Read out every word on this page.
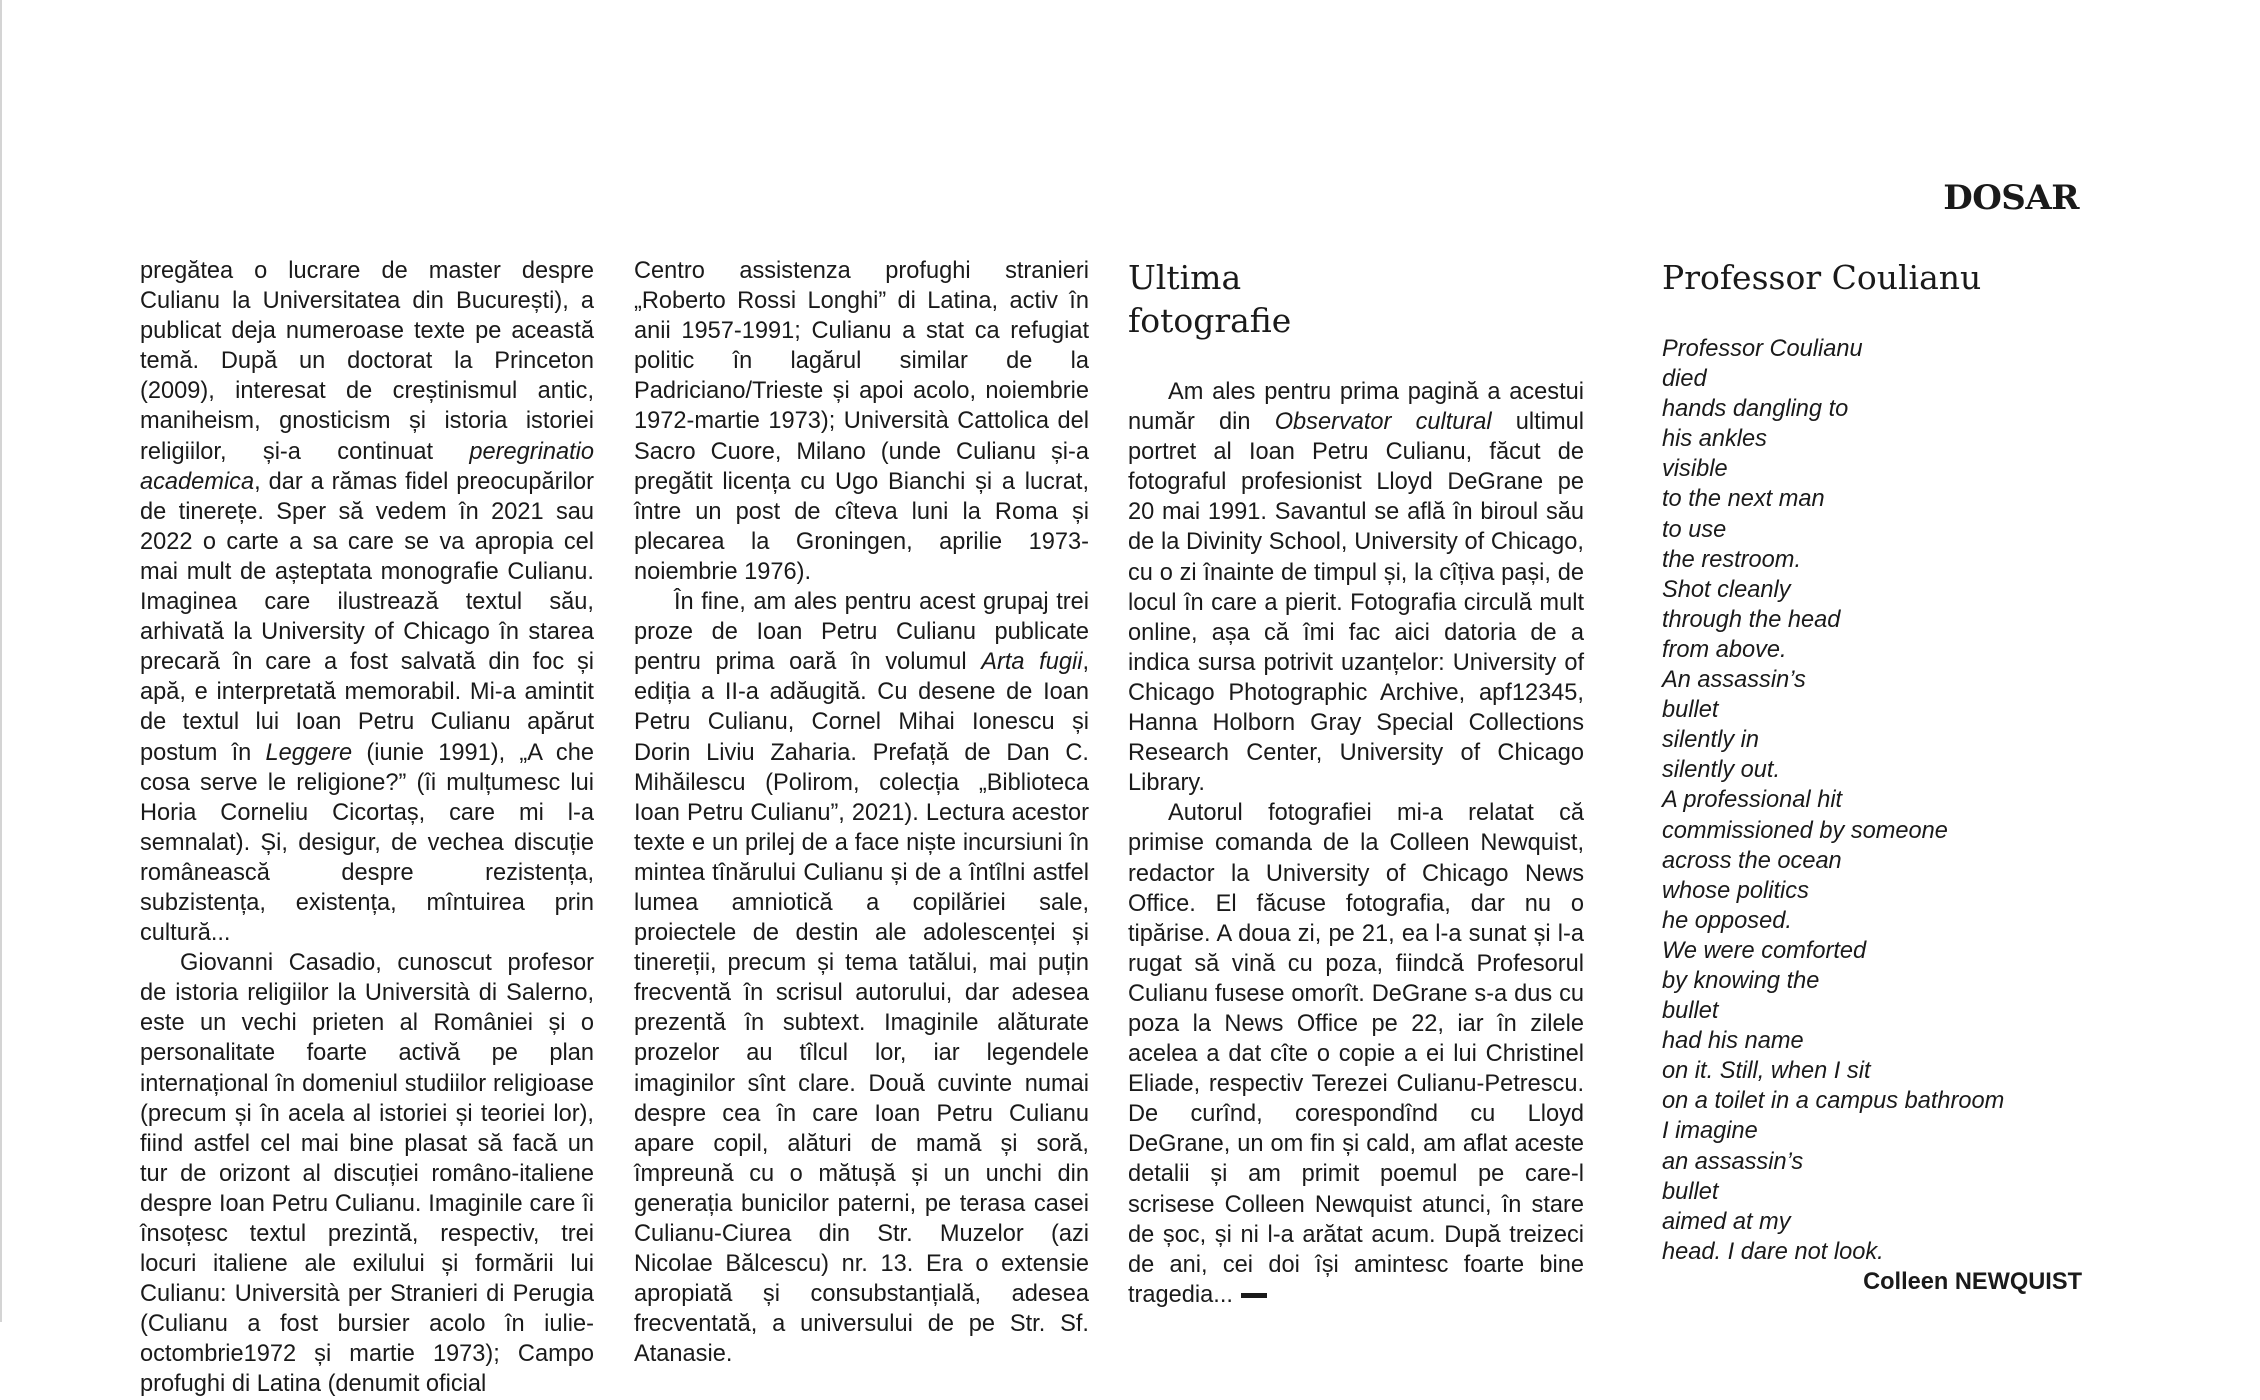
DOSAR

pregătea o lucrare de master despre Culianu la Universitatea din București), a publicat deja numeroase texte pe această temă. După un doctorat la Princeton (2009), interesat de creștinismul antic, maniheism, gnosticism și istoria istoriei religiilor, și-a continuat peregrinatio academica, dar a rămas fidel preocupărilor de tinerețe. Sper să vedem în 2021 sau 2022 o carte a sa care se va apropia cel mai mult de așteptata monografie Culianu. Imaginea care ilustrează textul său, arhivată la University of Chicago în starea precară în care a fost salvată din foc și apă, e interpretată memorabil. Mi-a amintit de textul lui Ioan Petru Culianu apărut postum în Leggere (iunie 1991), „A che cosa serve le religione?” (îi mulțumesc lui Horia Corneliu Cicortaș, care mi l-a semnalat). Și, desigur, de vechea discuție românească despre rezistența, subzistența, existența, mîntuirea prin cultură...

Giovanni Casadio, cunoscut profesor de istoria religiilor la Università di Salerno, este un vechi prieten al României și o personalitate foarte activă pe plan internațional în domeniul studiilor religioase (precum și în acela al istoriei și teoriei lor), fiind astfel cel mai bine plasat să facă un tur de orizont al discuției româno-italiene despre Ioan Petru Culianu. Imaginile care îi însoțesc textul prezintă, respectiv, trei locuri italiene ale exilului și formării lui Culianu: Università per Stranieri di Perugia (Culianu a fost bursier acolo în iulie-octombrie1972 și martie 1973); Campo profughi di Latina (denumit oficial

Centro assistenza profughi stranieri „Roberto Rossi Longhi” di Latina, activ în anii 1957-1991; Culianu a stat ca refugiat politic în lagărul similar de la Padriciano/Trieste și apoi acolo, noiembrie 1972-martie 1973); Università Cattolica del Sacro Cuore, Milano (unde Culianu și-a pregătit licența cu Ugo Bianchi și a lucrat, între un post de cîteva luni la Roma și plecarea la Groningen, aprilie 1973-noiembrie 1976).

În fine, am ales pentru acest grupaj trei proze de Ioan Petru Culianu publicate pentru prima oară în volumul Arta fugii, ediția a II-a adăugită. Cu desene de Ioan Petru Culianu, Cornel Mihai Ionescu și Dorin Liviu Zaharia. Prefață de Dan C. Mihăilescu (Polirom, colecția „Biblioteca Ioan Petru Culianu”, 2021). Lectura acestor texte e un prilej de a face niște incursiuni în mintea tînărului Culianu și de a întîlni astfel lumea amniotică a copilăriei sale, proiectele de destin ale adolescenței și tinereții, precum și tema tatălui, mai puțin frecventă în scrisul autorului, dar adesea prezentă în subtext. Imaginile alăturate prozelor au tîlcul lor, iar legendele imaginilor sînt clare. Două cuvinte numai despre cea în care Ioan Petru Culianu apare copil, alături de mamă și soră, împreună cu o mătușă și un unchi din generația bunicilor paterni, pe terasa casei Culianu-Ciurea din Str. Muzelor (azi Nicolae Bălcescu) nr. 13. Era o extensie apropiată și consubstanțială, adesea frecventată, a universului de pe Str. Sf. Atanasie.

Ultima
fotografie

Am ales pentru prima pagină a acestui număr din Observator cultural ultimul portret al Ioan Petru Culianu, făcut de fotograful profesionist Lloyd DeGrane pe 20 mai 1991. Savantul se află în biroul său de la Divinity School, University of Chicago, cu o zi înainte de timpul și, la cîțiva pași, de locul în care a pierit. Fotografia circulă mult online, așa că îmi fac aici datoria de a indica sursa potrivit uzanțelor: University of Chicago Photographic Archive, apf12345, Hanna Holborn Gray Special Collections Research Center, University of Chicago Library.

Autorul fotografiei mi-a relatat că primise comanda de la Colleen Newquist, redactor la University of Chicago News Office. El făcuse fotografia, dar nu o tipărise. A doua zi, pe 21, ea l-a sunat și l-a rugat să vină cu poza, fiindcă Profesorul Culianu fusese omorît. DeGrane s-a dus cu poza la News Office pe 22, iar în zilele acelea a dat cîte o copie a ei lui Christinel Eliade, respectiv Terezei Culianu-Petrescu. De curînd, corespondînd cu Lloyd DeGrane, un om fin și cald, am aflat aceste detalii și am primit poemul pe care-l scrisese Colleen Newquist atunci, în stare de șoc, și ni l-a arătat acum. După treizeci de ani, cei doi își amintesc foarte bine tragedia...

Professor Coulianu
Professor Coulianu
died
hands dangling to
his ankles
visible
to the next man
to use
the restroom.
Shot cleanly
through the head
from above.
An assassin’s
bullet
silently in
silently out.
A professional hit
commissioned by someone
across the ocean
whose politics
he opposed.
We were comforted
by knowing the
bullet
had his name
on it. Still, when I sit
on a toilet in a campus bathroom
I imagine
an assassin’s
bullet
aimed at my
head. I dare not look.
Colleen NEWQUIST
